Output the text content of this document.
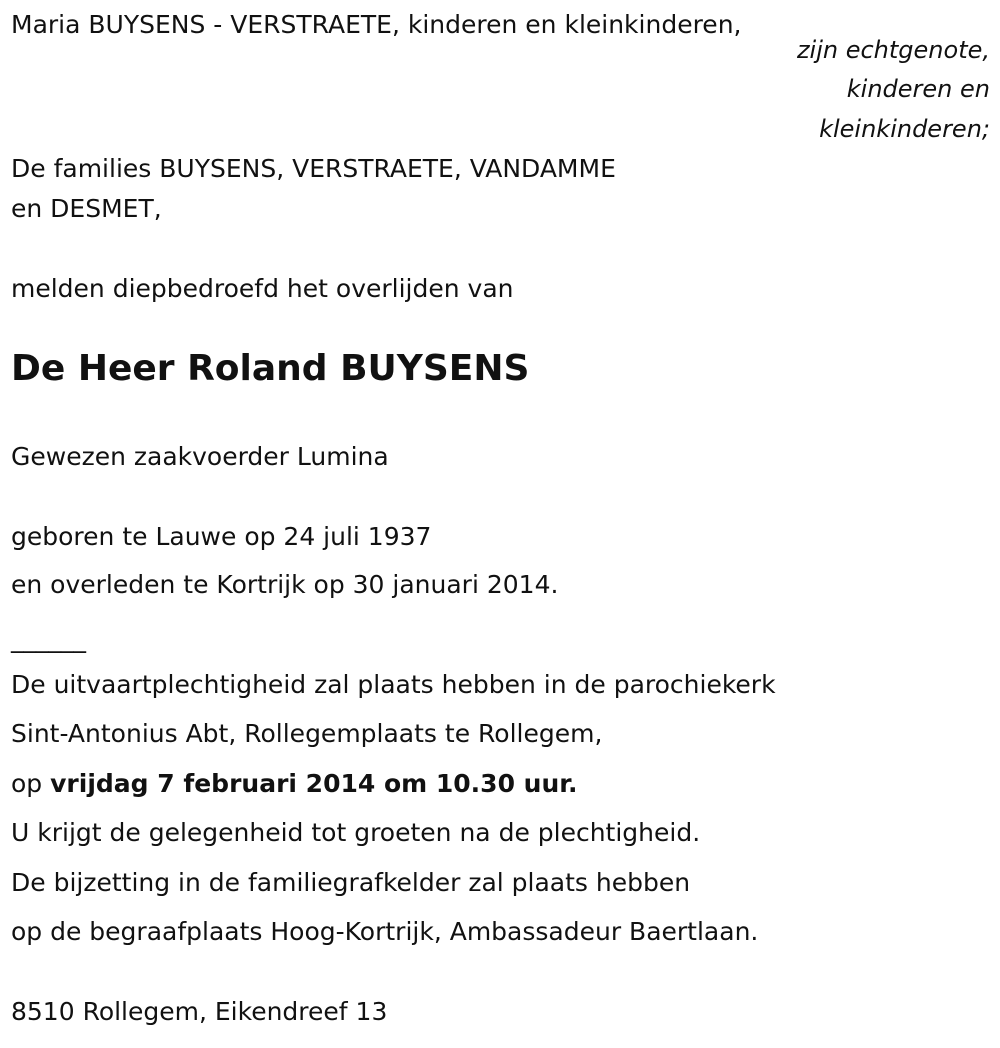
Maria BUYSENS - VERSTRAETE, kinderen en kleinkinderen,
zijn echtgenote,
kinderen en
kleinkinderen;
De families BUYSENS, VERSTRAETE, VANDAMME
en DESMET,
melden diepbedroefd het overlijden van
De Heer Roland BUYSENS
Gewezen zaakvoerder Lumina
geboren te Lauwe op 24 juli 1937
en overleden te Kortrijk op 30 januari 2014.
______
De uitvaartplechtigheid zal plaats hebben in de parochiekerk
Sint-Antonius Abt, Rollegemplaats te Rollegem,
op vrijdag 7 februari 2014 om 10.30 uur.
U krijgt de gelegenheid tot groeten na de plechtigheid.
De bijzetting in de familiegrafkelder zal plaats hebben
op de begraafplaats Hoog-Kortrijk, Ambassadeur Baertlaan.
8510 Rollegem, Eikendreef 13
